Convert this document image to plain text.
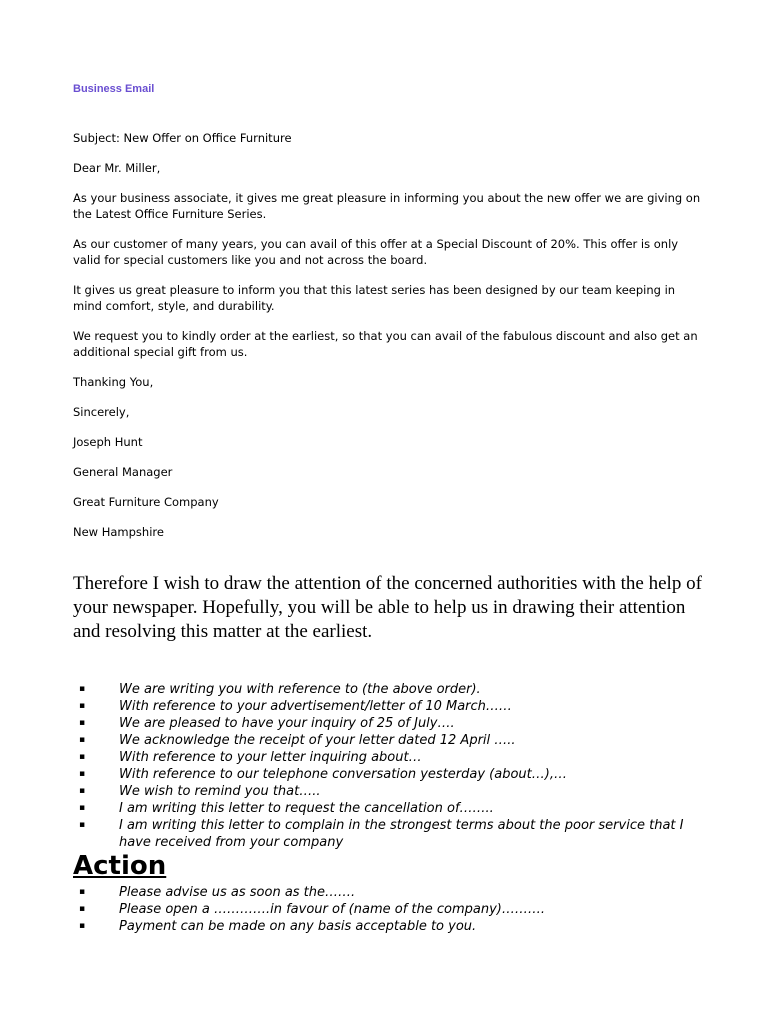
Business Email

Subject: New Offer on Office Furniture

Dear Mr. Miller,

As your business associate, it gives me great pleasure in informing you about the new offer we are giving on the Latest Office Furniture Series.

As our customer of many years, you can avail of this offer at a Special Discount of 20%. This offer is only valid for special customers like you and not across the board.

It gives us great pleasure to inform you that this latest series has been designed by our team keeping in mind comfort, style, and durability.

We request you to kindly order at the earliest, so that you can avail of the fabulous discount and also get an additional special gift from us.

Thanking You,

Sincerely,

Joseph Hunt

General Manager

Great Furniture Company

New Hampshire

Therefore I wish to draw the attention of the concerned authorities with the help of your newspaper. Hopefully, you will be able to help us in drawing their attention and resolving this matter at the earliest.

▪	We are writing you with reference to (the above order).
▪	With reference to your advertisement/letter of 10 March……
▪	We are pleased to have your inquiry of 25 of July….
▪	We acknowledge the receipt of your letter dated 12 April …..
▪	With reference to your letter inquiring about…
▪	With reference to our telephone conversation yesterday (about…),…
▪	We wish to remind you that…..
▪	I am writing this letter to request the cancellation of……..
▪	I am writing this letter to complain in the strongest terms about the poor service that I have received from your company
Action
▪	Please advise us as soon as the…….
▪	Please open a ………….in favour of (name of the company)……….
▪	Payment can be made on any basis acceptable to you.
